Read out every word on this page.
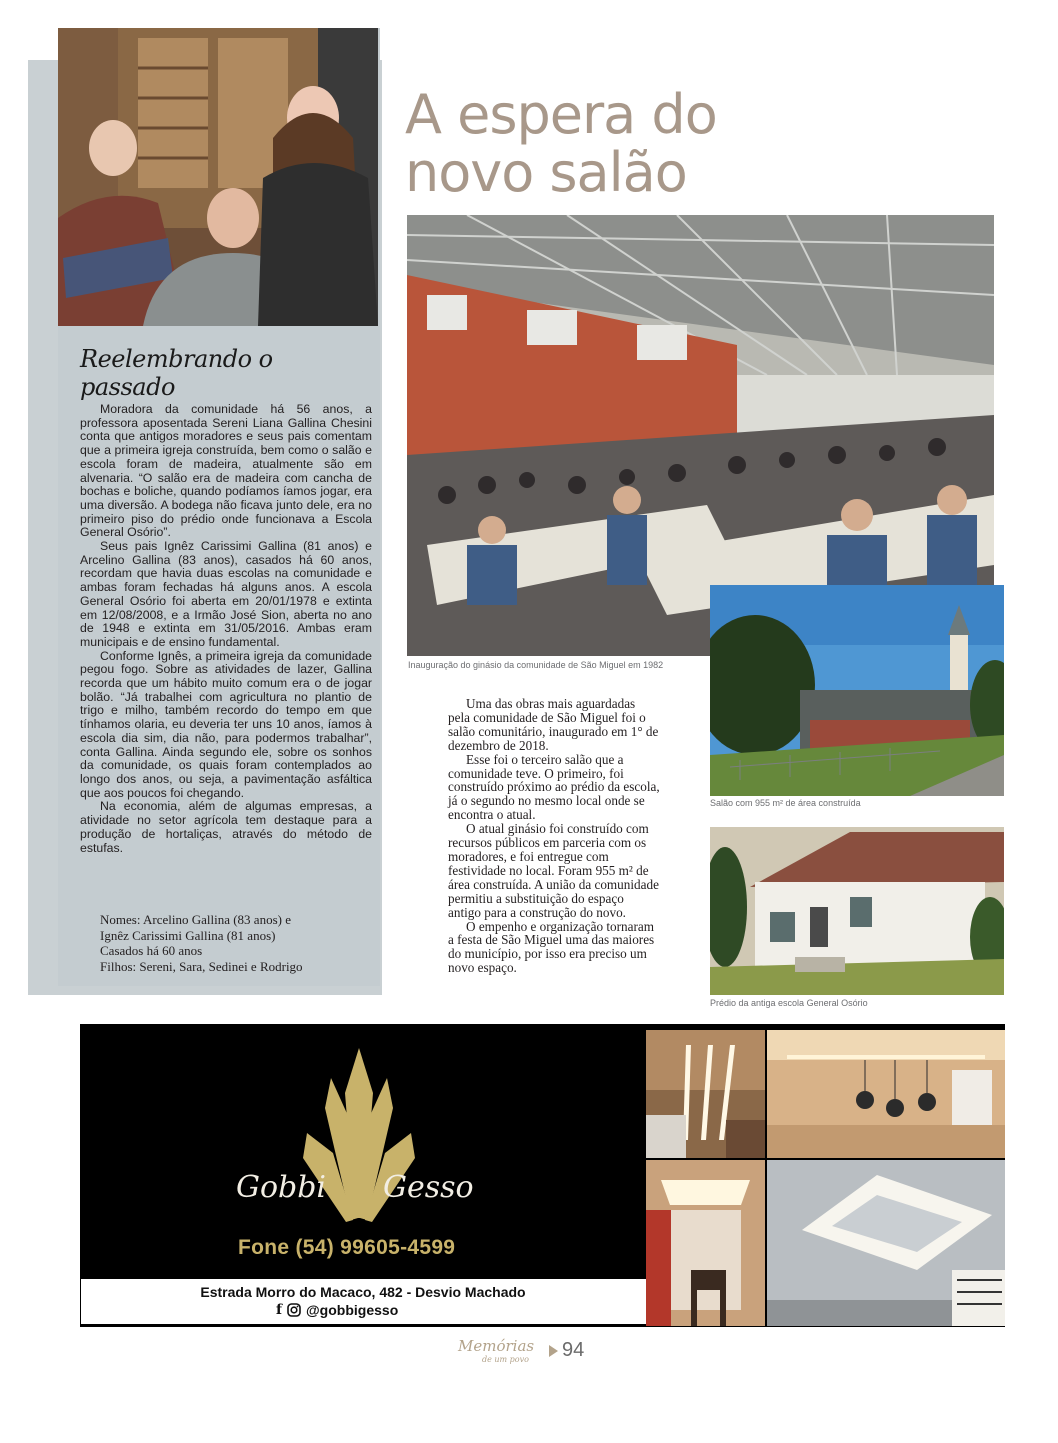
Reelembrando o passado

Moradora da comunidade há 56 anos, a professora aposentada Sereni Liana Gallina Chesini conta que antigos moradores e seus pais comentam que a primeira igreja construída, bem como o salão e escola foram de madeira, atualmente são em alvenaria. “O salão era de madeira com cancha de bochas e boliche, quando podíamos íamos jogar, era uma diversão. A bodega não ficava junto dele, era no primeiro piso do prédio onde funcionava a Escola General Osório”.

Seus pais Ignêz Carissimi Gallina (81 anos) e Arcelino Gallina (83 anos), casados há 60 anos, recordam que havia duas escolas na comunidade e ambas foram fechadas há alguns anos. A escola General Osório foi aberta em 20/01/1978 e extinta em 12/08/2008, e a Irmão José Sion, aberta no ano de 1948 e extinta em 31/05/2016. Ambas eram municipais e de ensino fundamental.

Conforme Ignês, a primeira igreja da comunidade pegou fogo. Sobre as atividades de lazer, Gallina recorda que um hábito muito comum era o de jogar bolão. “Já trabalhei com agricultura no plantio de trigo e milho, também recordo do tempo em que tínhamos olaria, eu deveria ter uns 10 anos, íamos à escola dia sim, dia não, para podermos trabalhar”, conta Gallina. Ainda segundo ele, sobre os sonhos da comunidade, os quais foram contemplados ao longo dos anos, ou seja, a pavimentação asfáltica que aos poucos foi chegando.

Na economia, além de algumas empresas, a atividade no setor agrícola tem destaque para a produção de hortaliças, através do método de estufas.

Nomes: Arcelino Gallina (83 anos) e
Ignêz Carissimi Gallina (81 anos)
Casados há 60 anos
Filhos: Sereni, Sara, Sedinei e Rodrigo
A espera do
novo salão
Inauguração do ginásio da comunidade de São Miguel em 1982

Uma das obras mais aguardadas pela comunidade de São Miguel foi o salão comunitário, inaugurado em 1° de dezembro de 2018.

Esse foi o terceiro salão que a comunidade teve. O primeiro, foi construído próximo ao prédio da escola, já o segundo no mesmo local onde se encontra o atual.

O atual ginásio foi construído com recursos públicos em parceria com os moradores, e foi entregue com festividade no local. Foram 955 m² de área construída. A união da comunidade permitiu a substituição do espaço antigo para a construção do novo.

O empenho e organização tornaram a festa de São Miguel uma das maiores do município, por isso era preciso um novo espaço.

Salão com 955 m² de área construída
Prédio da antiga escola General Osório
Gobbi Gesso
Fone (54) 99605-4599
Estrada Morro do Macaco, 482 - Desvio Machado
f @gobbigesso
Memórias
de um povo 94
